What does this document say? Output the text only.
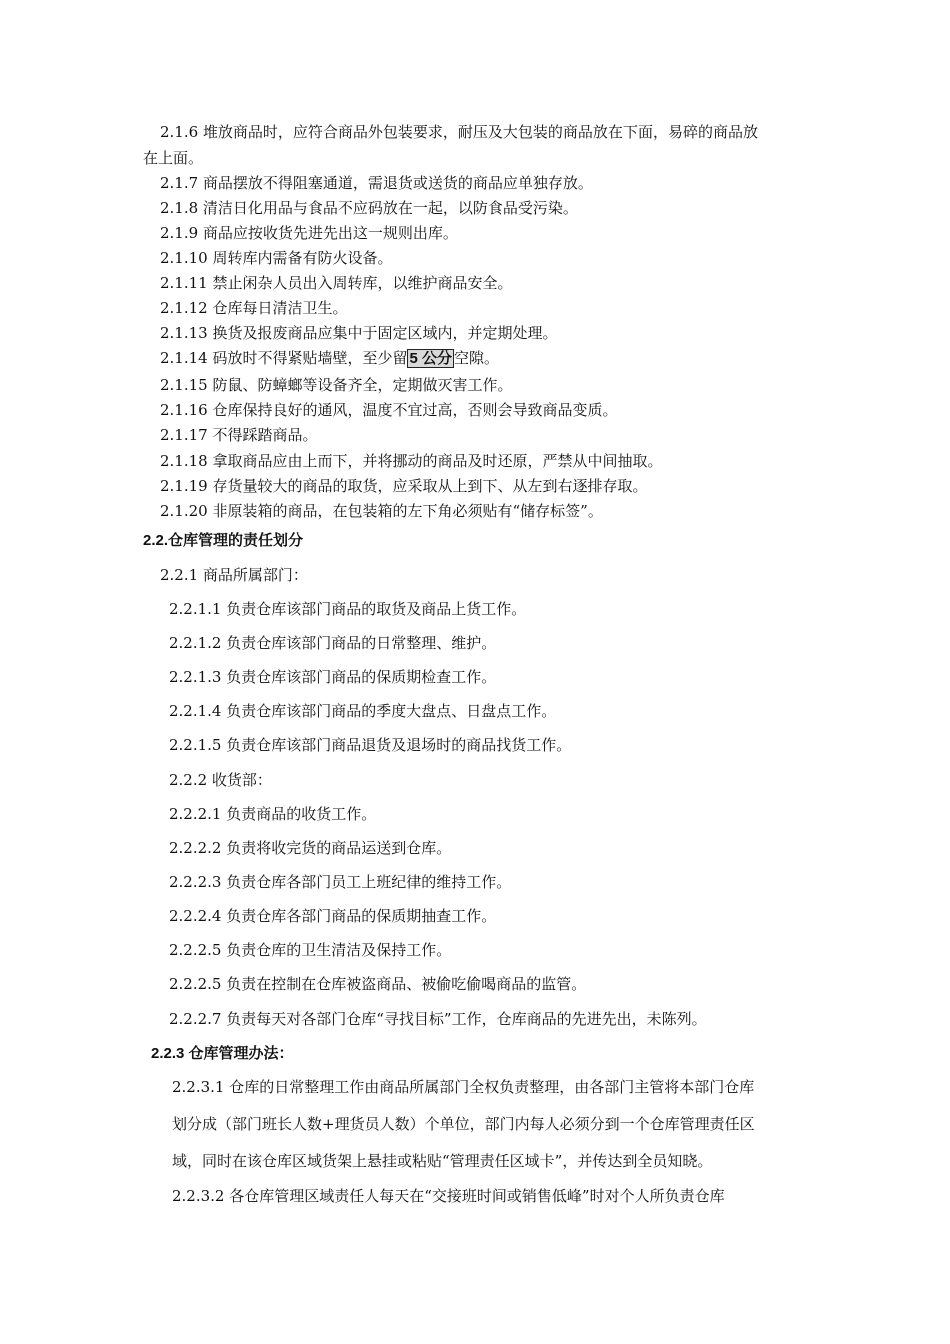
2.1.6 堆放商品时，应符合商品外包装要求，耐压及大包装的商品放在下面，易碎的商品放
在上面。
2.1.7 商品摆放不得阻塞通道，需退货或送货的商品应单独存放。
2.1.8 清洁日化用品与食品不应码放在一起，以防食品受污染。
2.1.9 商品应按收货先进先出这一规则出库。
2.1.10 周转库内需备有防火设备。
2.1.11 禁止闲杂人员出入周转库，以维护商品安全。
2.1.12 仓库每日清洁卫生。
2.1.13 换货及报废商品应集中于固定区域内，并定期处理。
2.1.14 码放时不得紧贴墙壁，至少留 5 公分 空隙。
2.1.15 防鼠、防蟑螂等设备齐全，定期做灭害工作。
2.1.16 仓库保持良好的通风，温度不宜过高，否则会导致商品变质。
2.1.17 不得踩踏商品。
2.1.18 拿取商品应由上而下，并将挪动的商品及时还原，严禁从中间抽取。
2.1.19 存货量较大的商品的取货，应采取从上到下、从左到右逐排存取。
2.1.20 非原装箱的商品，在包装箱的左下角必须贴有“储存标签”。
2.2.仓库管理的责任划分
2.2.1 商品所属部门：
2.2.1.1 负责仓库该部门商品的取货及商品上货工作。
2.2.1.2 负责仓库该部门商品的日常整理、维护。
2.2.1.3 负责仓库该部门商品的保质期检查工作。
2.2.1.4 负责仓库该部门商品的季度大盘点、日盘点工作。
2.2.1.5 负责仓库该部门商品退货及退场时的商品找货工作。
2.2.2 收货部：
2.2.2.1 负责商品的收货工作。
2.2.2.2 负责将收完货的商品运送到仓库。
2.2.2.3 负责仓库各部门员工上班纪律的维持工作。
2.2.2.4 负责仓库各部门商品的保质期抽查工作。
2.2.2.5 负责仓库的卫生清洁及保持工作。
2.2.2.5 负责在控制在仓库被盗商品、被偷吃偷喝商品的监管。
2.2.2.7 负责每天对各部门仓库“寻找目标”工作，仓库商品的先进先出，未陈列。
2.2.3 仓库管理办法：
2.2.3.1 仓库的日常整理工作由商品所属部门全权负责整理，由各部门主管将本部门仓库
划分成（部门班长人数+理货员人数）个单位，部门内每人必须分到一个仓库管理责任区
域，同时在该仓库区域货架上悬挂或粘贴“管理责任区域卡”，并传达到全员知晓。
2.2.3.2 各仓库管理区域责任人每天在“交接班时间或销售低峰”时对个人所负责仓库
